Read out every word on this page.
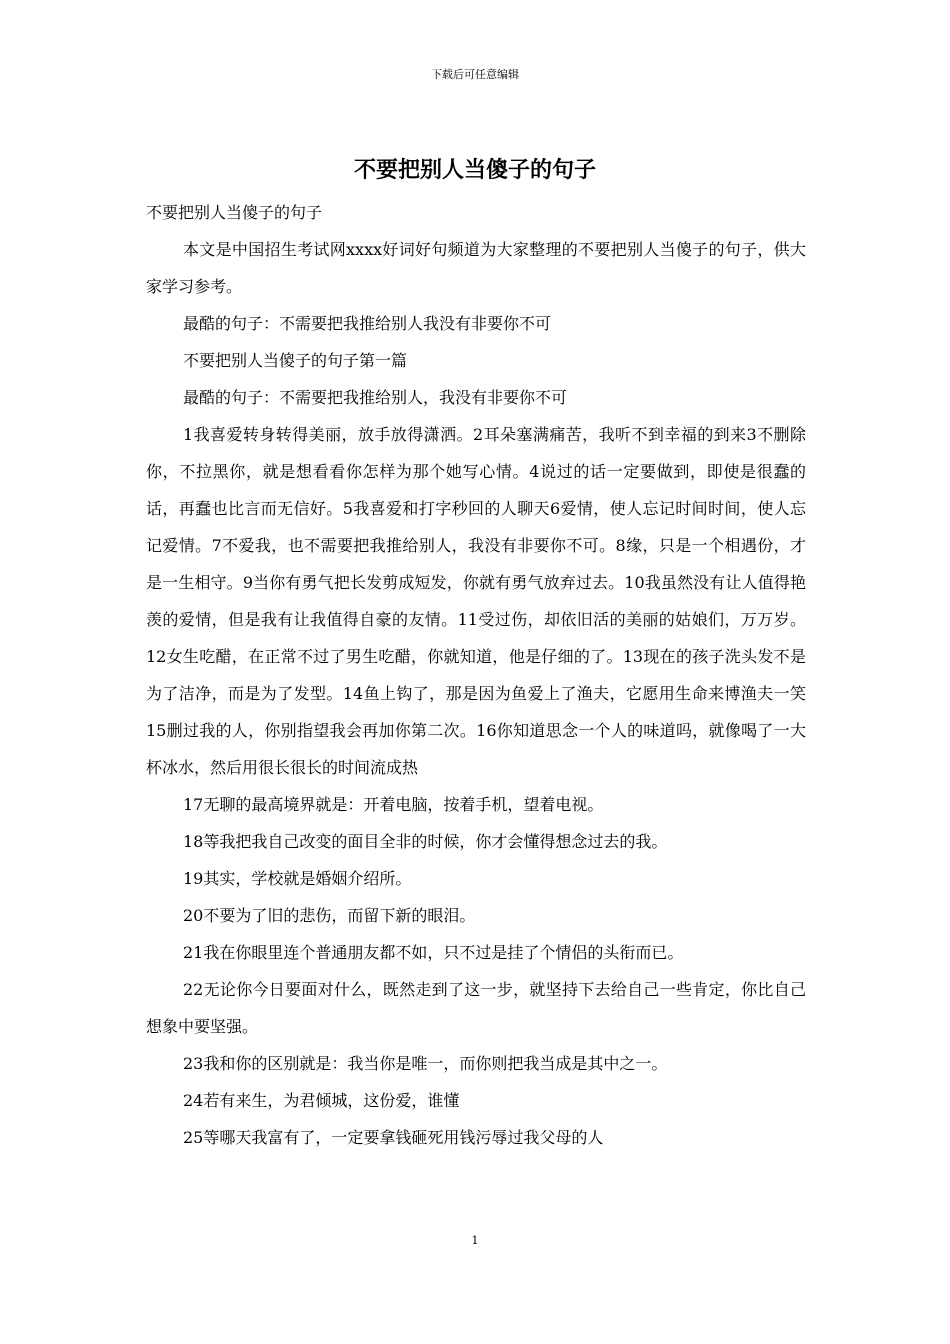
下载后可任意编辑
不要把别人当傻子的句子

不要把别人当傻子的句子

本文是中国招生考试网xxxx好词好句频道为大家整理的不要把别人当傻子的句子，供大家学习参考。

最酷的句子：不需要把我推给别人我没有非要你不可

不要把别人当傻子的句子第一篇

最酷的句子：不需要把我推给别人，我没有非要你不可

1我喜爱转身转得美丽，放手放得潇洒。2耳朵塞满痛苦，我听不到幸福的到来3不删除你，不拉黑你，就是想看看你怎样为那个她写心情。4说过的话一定要做到，即使是很蠢的话，再蠢也比言而无信好。5我喜爱和打字秒回的人聊天6爱情，使人忘记时间时间，使人忘记爱情。7不爱我，也不需要把我推给别人，我没有非要你不可。8缘，只是一个相遇份，才是一生相守。9当你有勇气把长发剪成短发，你就有勇气放弃过去。10我虽然没有让人值得艳羡的爱情，但是我有让我值得自豪的友情。11受过伤，却依旧活的美丽的姑娘们，万万岁。12女生吃醋，在正常不过了男生吃醋，你就知道，他是仔细的了。13现在的孩子洗头发不是为了洁净，而是为了发型。14鱼上钩了，那是因为鱼爱上了渔夫，它愿用生命来博渔夫一笑15删过我的人，你别指望我会再加你第二次。16你知道思念一个人的味道吗，就像喝了一大杯冰水，然后用很长很长的时间流成热

17无聊的最高境界就是：开着电脑，按着手机，望着电视。

18等我把我自己改变的面目全非的时候，你才会懂得想念过去的我。

19其实，学校就是婚姻介绍所。

20不要为了旧的悲伤，而留下新的眼泪。

21我在你眼里连个普通朋友都不如，只不过是挂了个情侣的头衔而已。

22无论你今日要面对什么，既然走到了这一步，就坚持下去给自己一些肯定，你比自己想象中要坚强。

23我和你的区别就是：我当你是唯一，而你则把我当成是其中之一。

24若有来生，为君倾城，这份爱，谁懂

25等哪天我富有了，一定要拿钱砸死用钱污辱过我父母的人

1
